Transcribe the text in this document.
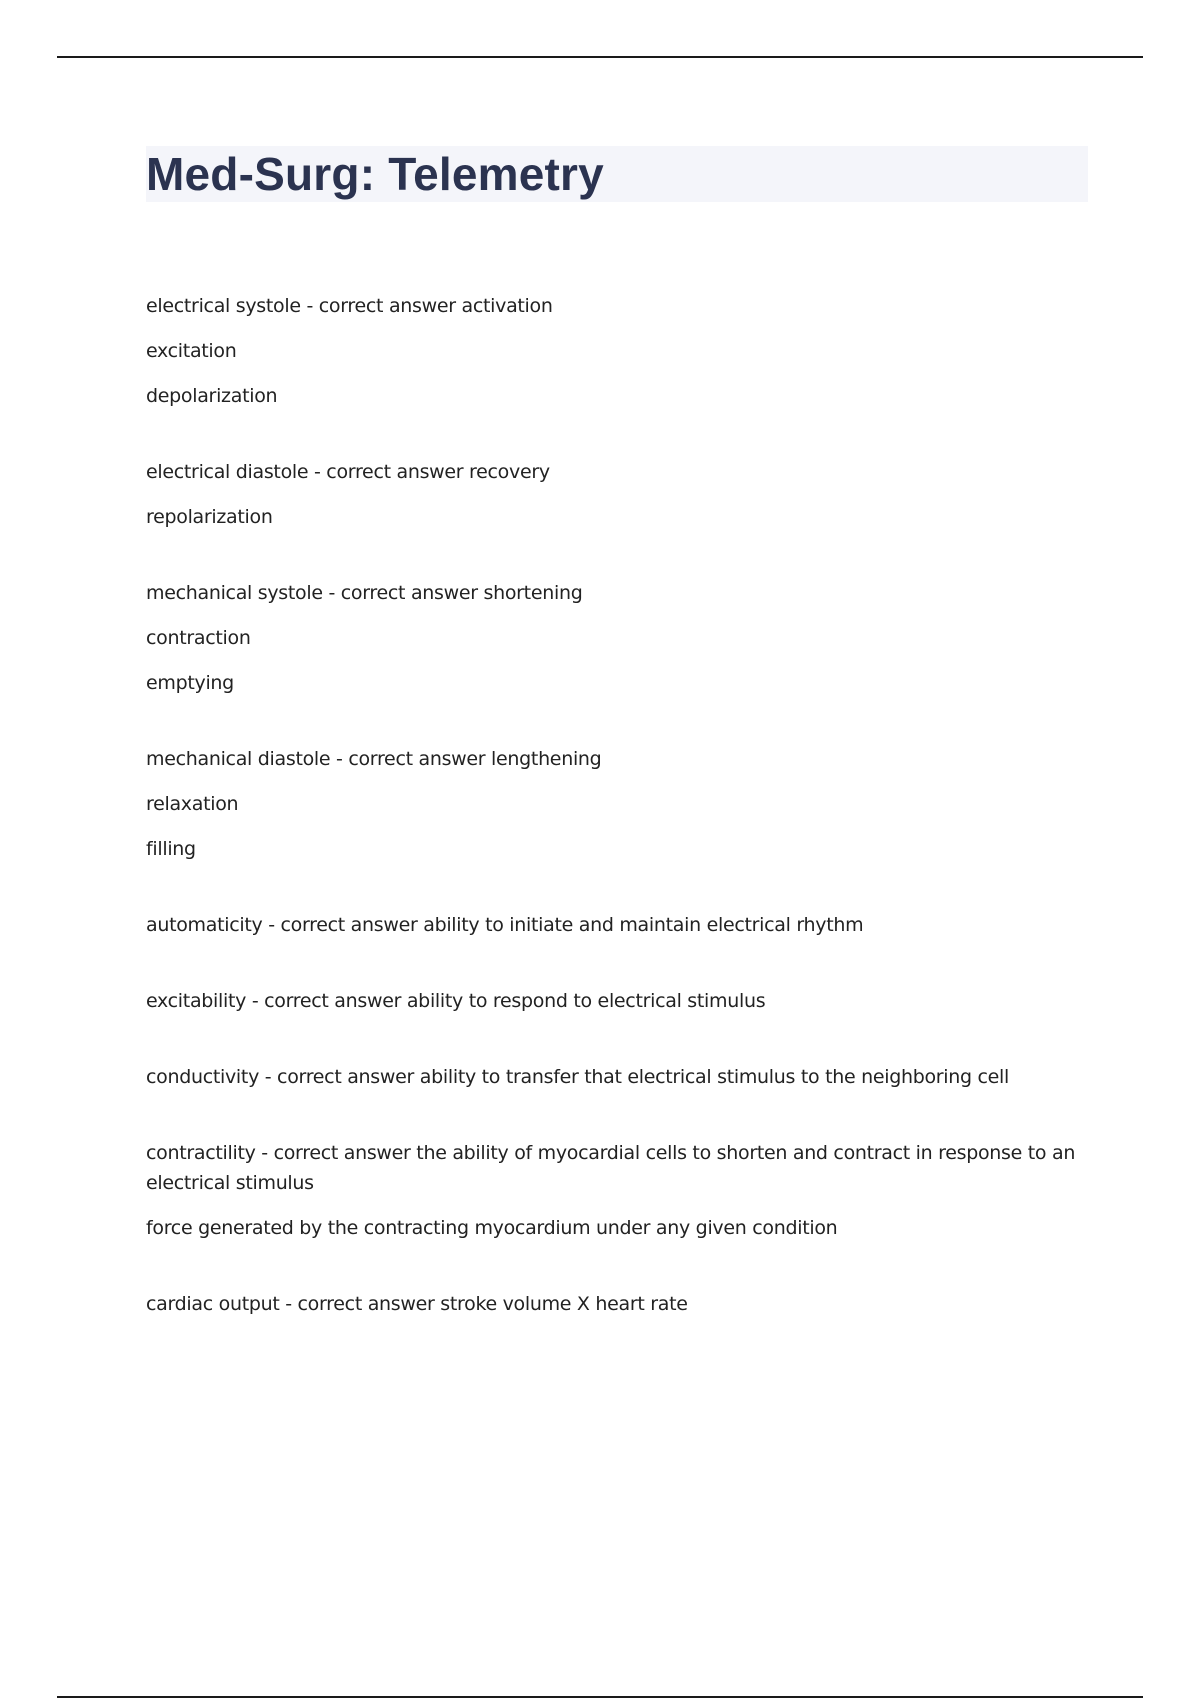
Med-Surg: Telemetry
electrical systole - correct answer activation
excitation
depolarization
electrical diastole - correct answer recovery
repolarization
mechanical systole - correct answer shortening
contraction
emptying
mechanical diastole - correct answer lengthening
relaxation
filling
automaticity - correct answer ability to initiate and maintain electrical rhythm
excitability - correct answer ability to respond to electrical stimulus
conductivity - correct answer ability to transfer that electrical stimulus to the neighboring cell
contractility - correct answer the ability of myocardial cells to shorten and contract in response to an electrical stimulus
force generated by the contracting myocardium under any given condition
cardiac output - correct answer stroke volume X heart rate
